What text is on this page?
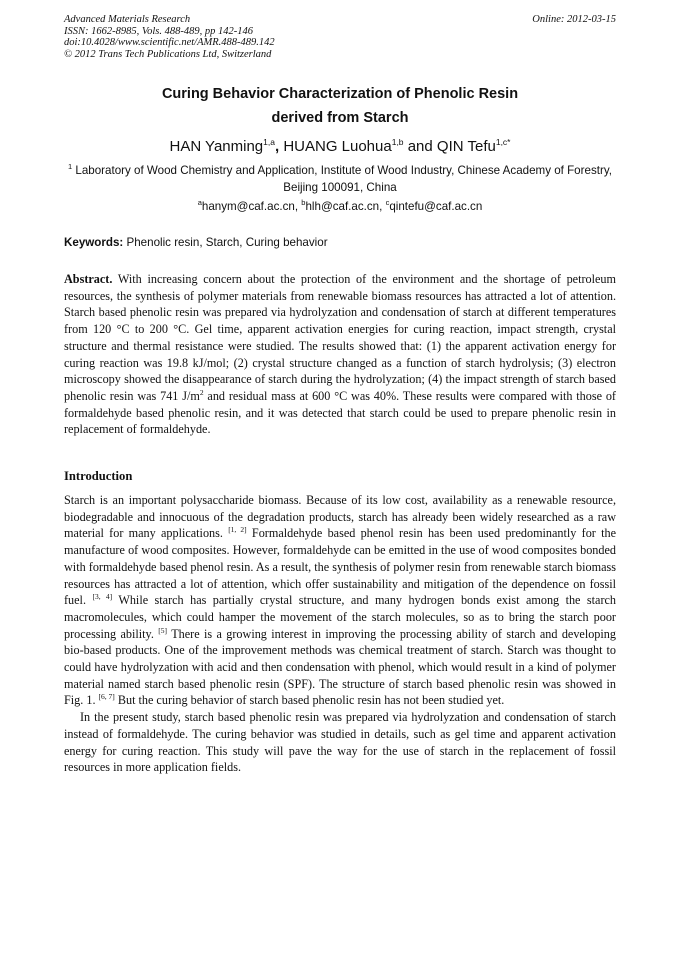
Advanced Materials Research
ISSN: 1662-8985, Vols. 488-489, pp 142-146
doi:10.4028/www.scientific.net/AMR.488-489.142
© 2012 Trans Tech Publications Ltd, Switzerland
Online: 2012-03-15
Curing Behavior Characterization of Phenolic Resin
derived from Starch
HAN Yanming$^{1,a}$, HUANG Luohua$^{1,b}$ and QIN Tefu$^{1,c*}$
$^1$ Laboratory of Wood Chemistry and Application, Institute of Wood Industry, Chinese Academy of Forestry, Beijing 100091, China
$^a$hanym@caf.ac.cn, $^b$hlh@caf.ac.cn, $^c$qintefu@caf.ac.cn
Keywords: Phenolic resin, Starch, Curing behavior
Abstract. With increasing concern about the protection of the environment and the shortage of petroleum resources, the synthesis of polymer materials from renewable biomass resources has attracted a lot of attention. Starch based phenolic resin was prepared via hydrolyzation and condensation of starch at different temperatures from 120 °C to 200 °C. Gel time, apparent activation energies for curing reaction, impact strength, crystal structure and thermal resistance were studied. The results showed that: (1) the apparent activation energy for curing reaction was 19.8 kJ/mol; (2) crystal structure changed as a function of starch hydrolysis; (3) electron microscopy showed the disappearance of starch during the hydrolyzation; (4) the impact strength of starch based phenolic resin was 741 $J/m^2$ and residual mass at 600 °C was 40%. These results were compared with those of formaldehyde based phenolic resin, and it was detected that starch could be used to prepare phenolic resin in replacement of formaldehyde.
Introduction

Starch is an important polysaccharide biomass. Because of its low cost, availability as a renewable resource, biodegradable and innocuous of the degradation products, starch has already been widely researched as a raw material for many applications. [1, 2] Formaldehyde based phenol resin has been used predominantly for the manufacture of wood composites. However, formaldehyde can be emitted in the use of wood composites bonded with formaldehyde based phenol resin. As a result, the synthesis of polymer resin from renewable starch biomass resources has attracted a lot of attention, which offer sustainability and mitigation of the dependence on fossil fuel. [3, 4] While starch has partially crystal structure, and many hydrogen bonds exist among the starch macromolecules, which could hamper the movement of the starch molecules, so as to bring the starch poor processing ability. [5] There is a growing interest in improving the processing ability of starch and developing bio-based products. One of the improvement methods was chemical treatment of starch. Starch was thought to could have hydrolyzation with acid and then condensation with phenol, which would result in a kind of polymer material named starch based phenolic resin (SPF). The structure of starch based phenolic resin was showed in Fig. 1. [6, 7] But the curing behavior of starch based phenolic resin has not been studied yet.

In the present study, starch based phenolic resin was prepared via hydrolyzation and condensation of starch instead of formaldehyde. The curing behavior was studied in details, such as gel time and apparent activation energy for curing reaction. This study will pave the way for the use of starch in the replacement of fossil resources in more application fields.
